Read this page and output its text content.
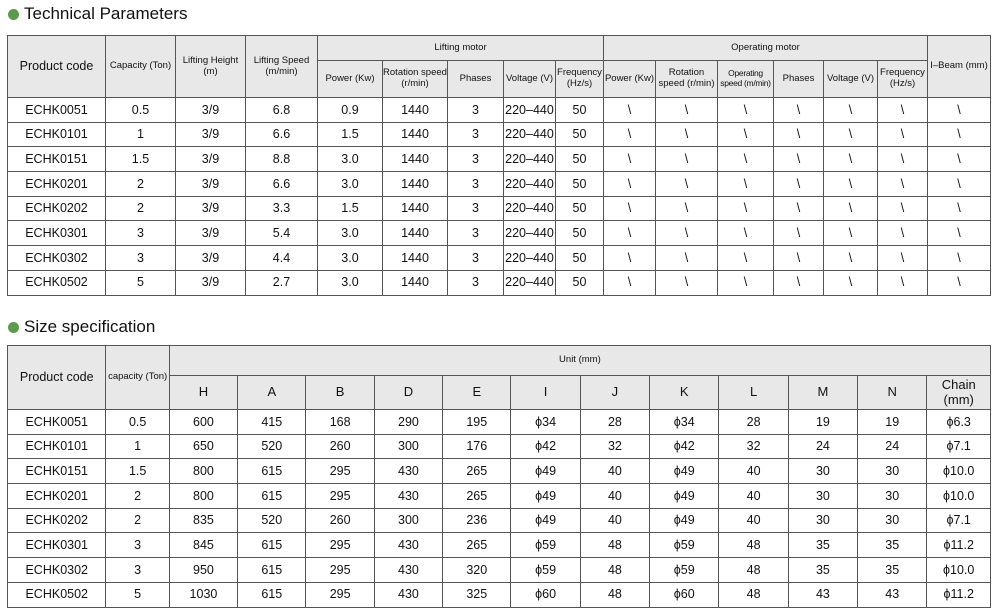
Technical Parameters
Product code	Capacity (Ton)	Lifting Height (m)	Lifting Speed (m/min)	Lifting motor					Operating motor						I–Beam (mm)
				Power (Kw)	Rotation speed (r/min)	Phases	Voltage (V)	Frequency (Hz/s)	Power (Kw)	Rotation speed (r/min)	Operating speed (m/min)	Phases	Voltage (V)	Frequency (Hz/s)	
ECHK0051	0.5	3/9	6.8	0.9	1440	3	220–440	50	\	\	\	\	\	\	\
ECHK0101	1	3/9	6.6	1.5	1440	3	220–440	50	\	\	\	\	\	\	\
ECHK0151	1.5	3/9	8.8	3.0	1440	3	220–440	50	\	\	\	\	\	\	\
ECHK0201	2	3/9	6.6	3.0	1440	3	220–440	50	\	\	\	\	\	\	\
ECHK0202	2	3/9	3.3	1.5	1440	3	220–440	50	\	\	\	\	\	\	\
ECHK0301	3	3/9	5.4	3.0	1440	3	220–440	50	\	\	\	\	\	\	\
ECHK0302	3	3/9	4.4	3.0	1440	3	220–440	50	\	\	\	\	\	\	\
ECHK0502	5	3/9	2.7	3.0	1440	3	220–440	50	\	\	\	\	\	\	\
Size specification
Product code	capacity (Ton)	Unit (mm)											
		H	A	B	D	E	I	J	K	L	M	N	Chain (mm)
ECHK0051	0.5	600	415	168	290	195	ϕ34	28	ϕ34	28	19	19	ϕ6.3
ECHK0101	1	650	520	260	300	176	ϕ42	32	ϕ42	32	24	24	ϕ7.1
ECHK0151	1.5	800	615	295	430	265	ϕ49	40	ϕ49	40	30	30	ϕ10.0
ECHK0201	2	800	615	295	430	265	ϕ49	40	ϕ49	40	30	30	ϕ10.0
ECHK0202	2	835	520	260	300	236	ϕ49	40	ϕ49	40	30	30	ϕ7.1
ECHK0301	3	845	615	295	430	265	ϕ59	48	ϕ59	48	35	35	ϕ11.2
ECHK0302	3	950	615	295	430	320	ϕ59	48	ϕ59	48	35	35	ϕ10.0
ECHK0502	5	1030	615	295	430	325	ϕ60	48	ϕ60	48	43	43	ϕ11.2
